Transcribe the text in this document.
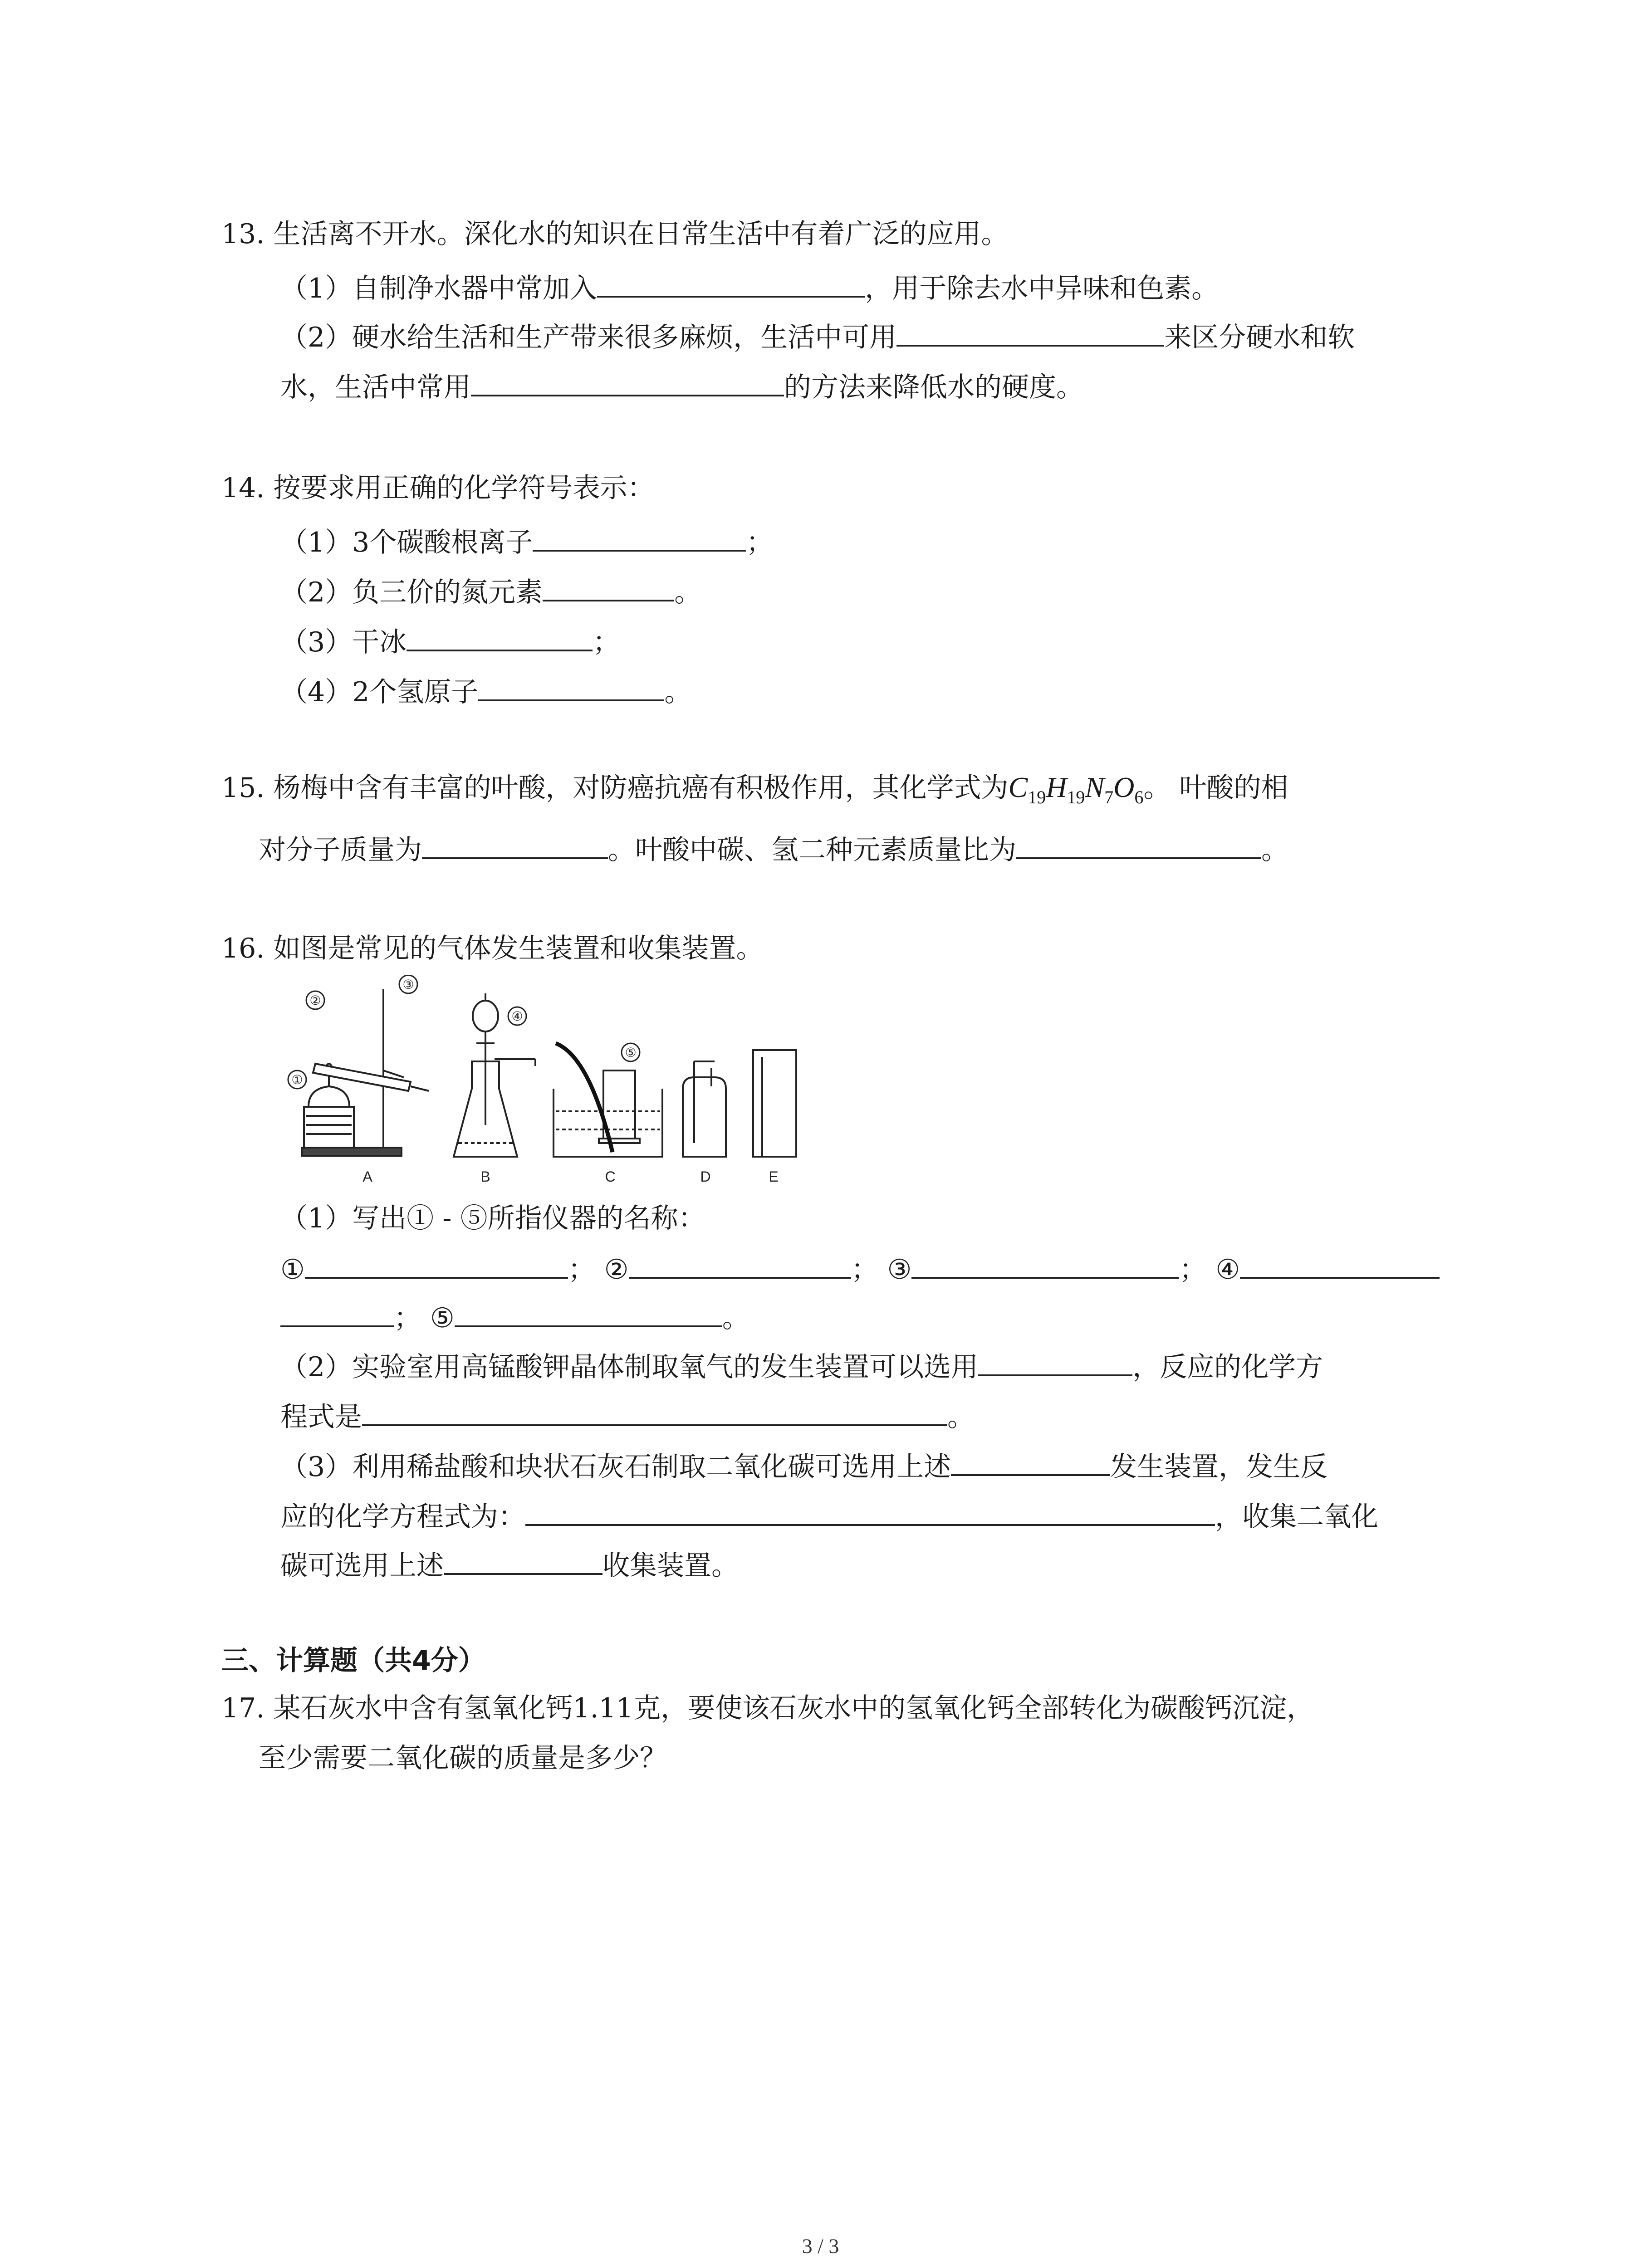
13. 生活离不开水。深化水的知识在日常生活中有着广泛的应用。
（1）自制净水器中常加入	，用于除去水中异味和色素。
（2）硬水给生活和生产带来很多麻烦，生活中可用	来区分硬水和软
水，生活中常用	的方法来降低水的硬度。
14. 按要求用正确的化学符号表示：
（1）3个碳酸根离子	；
（2）负三价的氮元素	。
（3）干冰	；
（4）2个氢原子	。
15. 杨梅中含有丰富的叶酸，对防癌抗癌有积极作用，其化学式为$C_{19}H_{19}N_7O_6$。 叶酸的相
对分子质量为	。叶酸中碳、氢二种元素质量比为	。
16. 如图是常见的气体发生装置和收集装置。
①
②
③
④
⑤
A	B	C	D	E
（1）写出① - ⑤所指仪器的名称：
①	； ②	； ③	； ④
； ⑤	。
（2）实验室用高锰酸钾晶体制取氧气的发生装置可以选用	，反应的化学方
程式是	。
（3）利用稀盐酸和块状石灰石制取二氧化碳可选用上述	发生装置，发生反
应的化学方程式为：	，收集二氧化
碳可选用上述	收集装置。
三、计算题（共4分）
17. 某石灰水中含有氢氧化钙1.11克，要使该石灰水中的氢氧化钙全部转化为碳酸钙沉淀，
至少需要二氧化碳的质量是多少？
3 / 3
